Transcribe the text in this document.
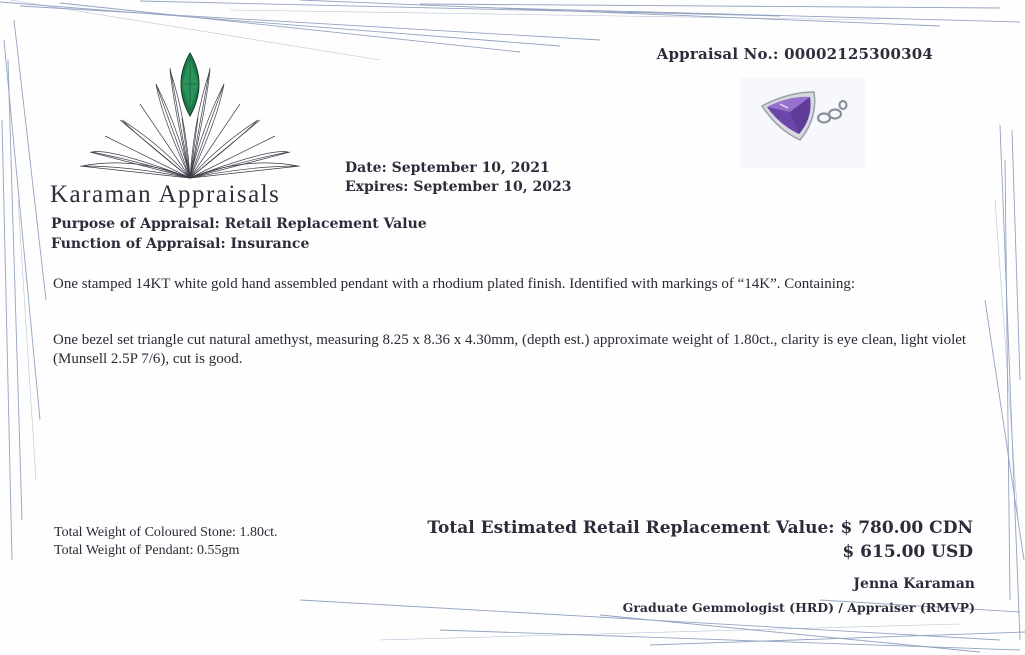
Appraisal No.: 00002125300304
Karaman Appraisals
Date: September 10, 2021
Expires: September 10, 2023
Purpose of Appraisal: Retail Replacement Value
Function of Appraisal: Insurance
One stamped 14KT white gold hand assembled pendant with a rhodium plated finish. Identified with markings of “14K”. Containing:
One bezel set triangle cut natural amethyst, measuring 8.25 x 8.36 x 4.30mm, (depth est.) approximate weight of 1.80ct., clarity is eye clean, light violet (Munsell 2.5P 7/6), cut is good.
Total Weight of Coloured Stone: 1.80ct.
Total Weight of Pendant: 0.55gm
Total Estimated Retail Replacement Value: $ 780.00 CDN
$ 615.00 USD
Jenna Karaman
Graduate Gemmologist (HRD) / Appraiser (RMVP)
